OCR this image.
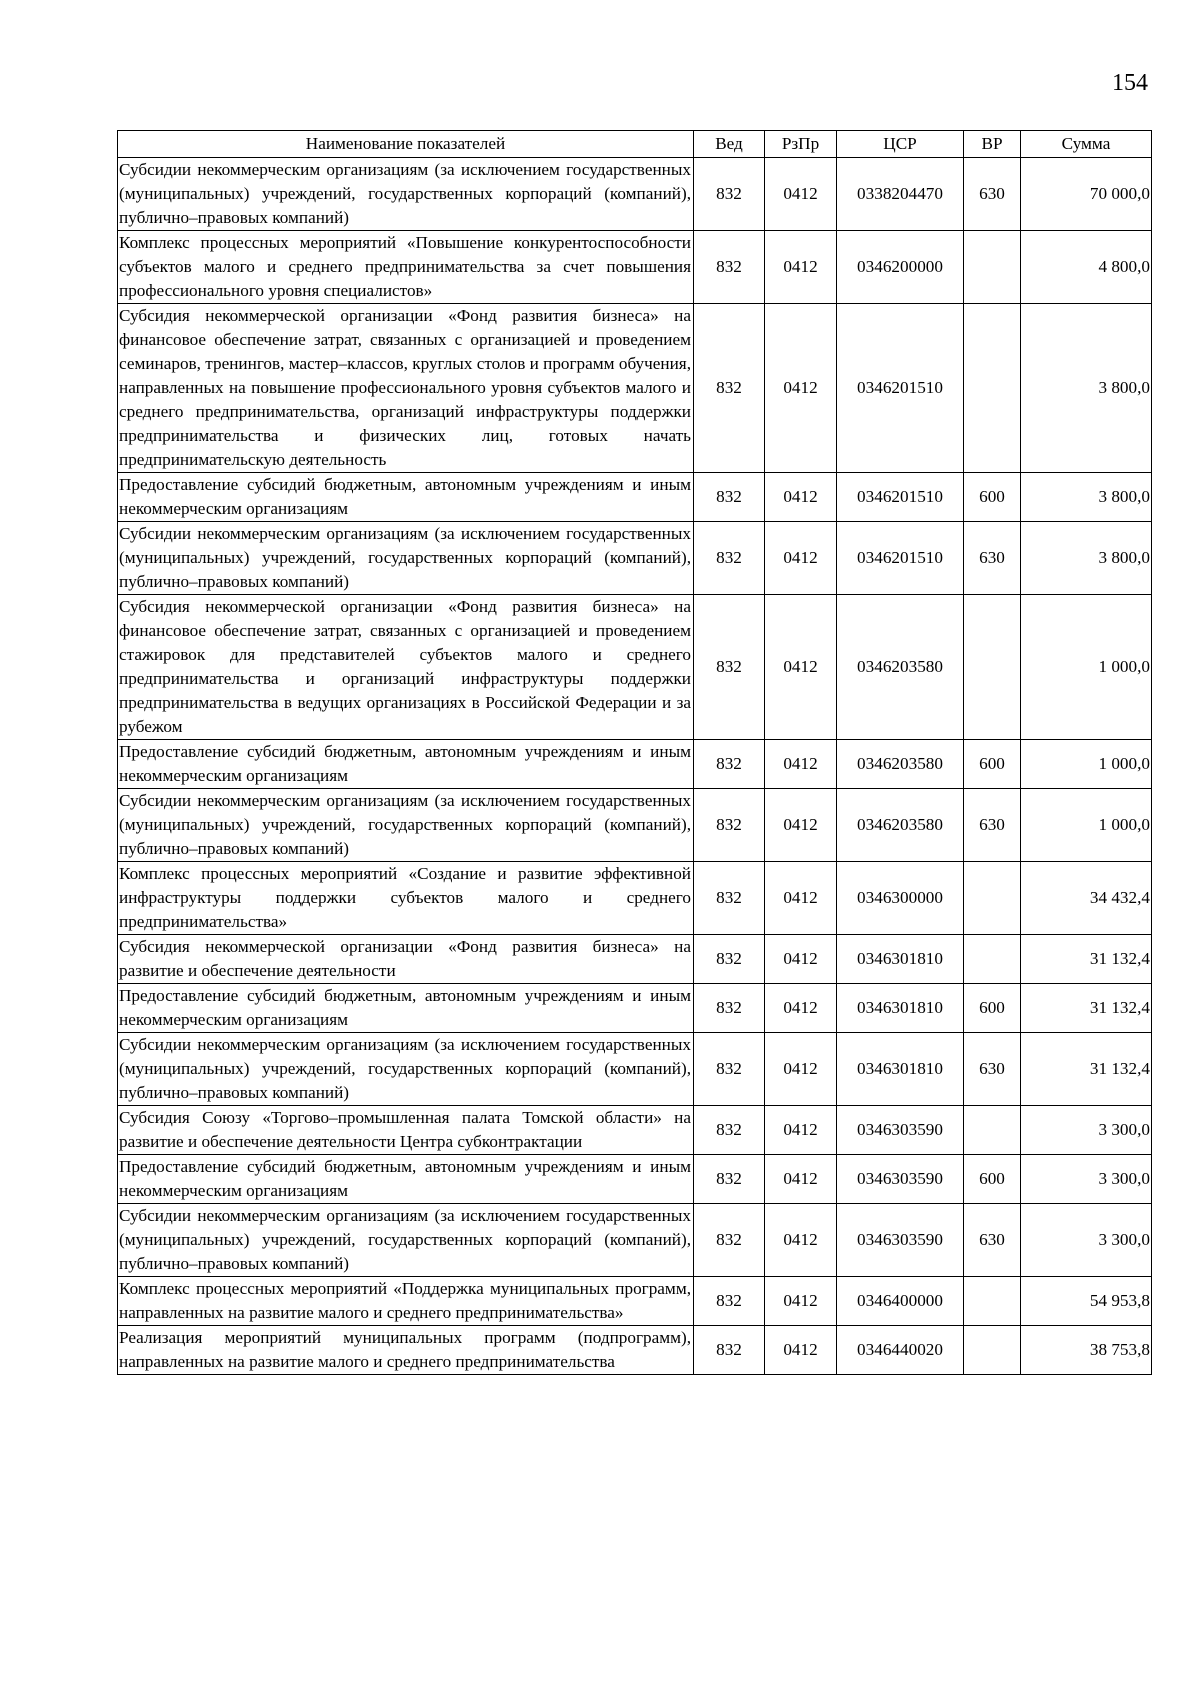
154
Наименование показателей	Вед	РзПр	ЦСР	ВР	Сумма
Субсидии некоммерческим организациям (за исключением государственных (муниципальных) учреждений, государственных корпораций (компаний), публично–правовых компаний)	832	0412	0338204470	630	70 000,0
Комплекс процессных мероприятий «Повышение конкурентоспособности субъектов малого и среднего предпринимательства за счет повышения профессионального уровня специалистов»	832	0412	0346200000		4 800,0
Субсидия некоммерческой организации «Фонд развития бизнеса» на финансовое обеспечение затрат, связанных с организацией и проведением семинаров, тренингов, мастер–классов, круглых столов и программ обучения, направленных на повышение профессионального уровня субъектов малого и среднего предпринимательства, организаций инфраструктуры поддержки предпринимательства и физических лиц, готовых начать предпринимательскую деятельность	832	0412	0346201510		3 800,0
Предоставление субсидий бюджетным, автономным учреждениям и иным некоммерческим организациям	832	0412	0346201510	600	3 800,0
Субсидии некоммерческим организациям (за исключением государственных (муниципальных) учреждений, государственных корпораций (компаний), публично–правовых компаний)	832	0412	0346201510	630	3 800,0
Субсидия некоммерческой организации «Фонд развития бизнеса» на финансовое обеспечение затрат, связанных с организацией и проведением стажировок для представителей субъектов малого и среднего предпринимательства и организаций инфраструктуры поддержки предпринимательства в ведущих организациях в Российской Федерации и за рубежом	832	0412	0346203580		1 000,0
Предоставление субсидий бюджетным, автономным учреждениям и иным некоммерческим организациям	832	0412	0346203580	600	1 000,0
Субсидии некоммерческим организациям (за исключением государственных (муниципальных) учреждений, государственных корпораций (компаний), публично–правовых компаний)	832	0412	0346203580	630	1 000,0
Комплекс процессных мероприятий «Создание и развитие эффективной инфраструктуры поддержки субъектов малого и среднего предпринимательства»	832	0412	0346300000		34 432,4
Субсидия некоммерческой организации «Фонд развития бизнеса» на развитие и обеспечение деятельности	832	0412	0346301810		31 132,4
Предоставление субсидий бюджетным, автономным учреждениям и иным некоммерческим организациям	832	0412	0346301810	600	31 132,4
Субсидии некоммерческим организациям (за исключением государственных (муниципальных) учреждений, государственных корпораций (компаний), публично–правовых компаний)	832	0412	0346301810	630	31 132,4
Субсидия Союзу «Торгово–промышленная палата Томской области» на развитие и обеспечение деятельности Центра субконтрактации	832	0412	0346303590		3 300,0
Предоставление субсидий бюджетным, автономным учреждениям и иным некоммерческим организациям	832	0412	0346303590	600	3 300,0
Субсидии некоммерческим организациям (за исключением государственных (муниципальных) учреждений, государственных корпораций (компаний), публично–правовых компаний)	832	0412	0346303590	630	3 300,0
Комплекс процессных мероприятий «Поддержка муниципальных программ, направленных на развитие малого и среднего предпринимательства»	832	0412	0346400000		54 953,8
Реализация мероприятий муниципальных программ (подпрограмм), направленных на развитие малого и среднего предпринимательства	832	0412	0346440020		38 753,8
